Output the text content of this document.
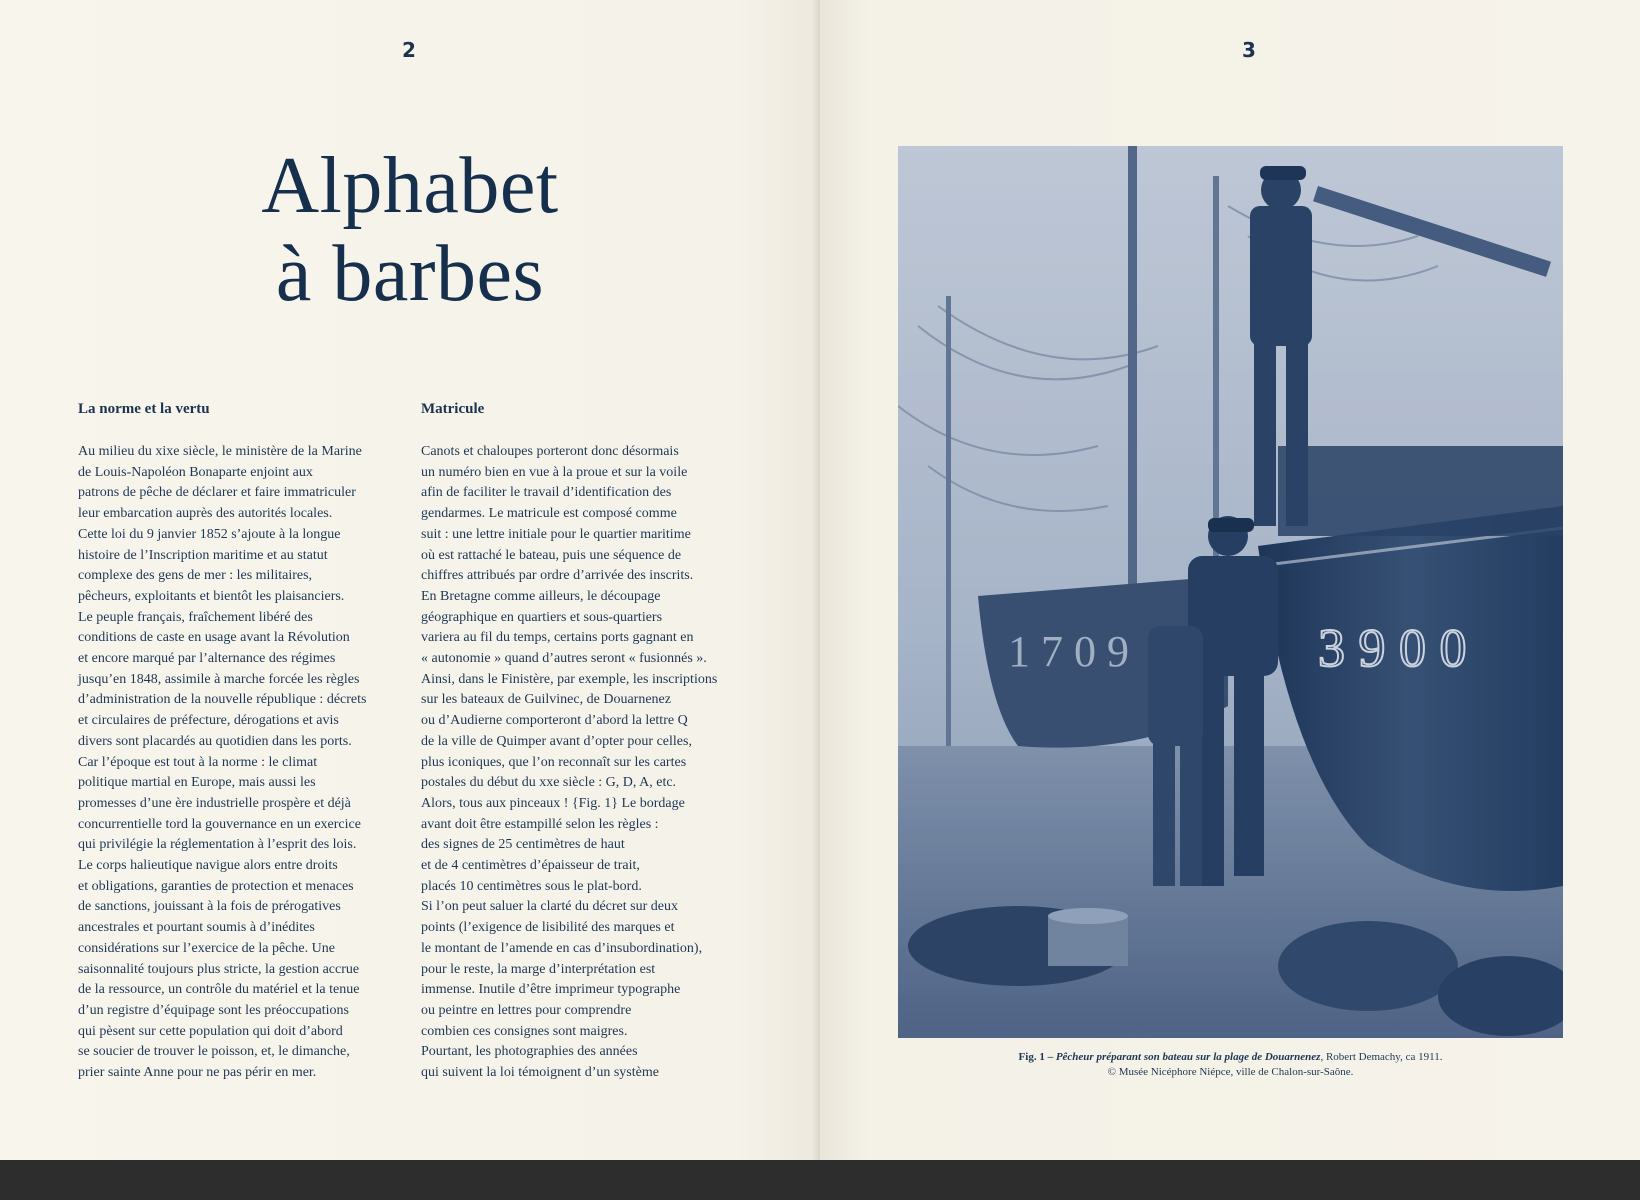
2
Alphabet
à barbes
La norme et la vertu
Au milieu du xixe siècle, le ministère de la Marine
de Louis-Napoléon Bonaparte enjoint aux
patrons de pêche de déclarer et faire immatriculer
leur embarcation auprès des autorités locales.
Cette loi du 9 janvier 1852 s’ajoute à la longue
histoire de l’Inscription maritime et au statut
complexe des gens de mer : les militaires,
pêcheurs, exploitants et bientôt les plaisanciers.
Le peuple français, fraîchement libéré des
conditions de caste en usage avant la Révolution
et encore marqué par l’alternance des régimes
jusqu’en 1848, assimile à marche forcée les règles
d’administration de la nouvelle république : décrets
et circulaires de préfecture, dérogations et avis
divers sont placardés au quotidien dans les ports.
Car l’époque est tout à la norme : le climat
politique martial en Europe, mais aussi les
promesses d’une ère industrielle prospère et déjà
concurrentielle tord la gouvernance en un exercice
qui privilégie la réglementation à l’esprit des lois.
Le corps halieutique navigue alors entre droits
et obligations, garanties de protection et menaces
de sanctions, jouissant à la fois de prérogatives
ancestrales et pourtant soumis à d’inédites
considérations sur l’exercice de la pêche. Une
saisonnalité toujours plus stricte, la gestion accrue
de la ressource, un contrôle du matériel et la tenue
d’un registre d’équipage sont les préoccupations
qui pèsent sur cette population qui doit d’abord
se soucier de trouver le poisson, et, le dimanche,
prier sainte Anne pour ne pas périr en mer.
Matricule
Canots et chaloupes porteront donc désormais
un numéro bien en vue à la proue et sur la voile
afin de faciliter le travail d’identification des
gendarmes. Le matricule est composé comme
suit : une lettre initiale pour le quartier maritime
où est rattaché le bateau, puis une séquence de
chiffres attribués par ordre d’arrivée des inscrits.
En Bretagne comme ailleurs, le découpage
géographique en quartiers et sous-quartiers
variera au fil du temps, certains ports gagnant en
« autonomie » quand d’autres seront « fusionnés ».
Ainsi, dans le Finistère, par exemple, les inscriptions
sur les bateaux de Guilvinec, de Douarnenez
ou d’Audierne comporteront d’abord la lettre Q
de la ville de Quimper avant d’opter pour celles,
plus iconiques, que l’on reconnaît sur les cartes
postales du début du xxe siècle : G, D, A, etc.
Alors, tous aux pinceaux ! {Fig. 1} Le bordage
avant doit être estampillé selon les règles :
des signes de 25 centimètres de haut
et de 4 centimètres d’épaisseur de trait,
placés 10 centimètres sous le plat-bord.
Si l’on peut saluer la clarté du décret sur deux
points (l’exigence de lisibilité des marques et
le montant de l’amende en cas d’insubordination),
pour le reste, la marge d’interprétation est
immense. Inutile d’être imprimeur typographe
ou peintre en lettres pour comprendre
combien ces consignes sont maigres.
Pourtant, les photographies des années
qui suivent la loi témoignent d’un système
3
1 7 0 9	3 9 0 0
Fig. 1 – Pêcheur préparant son bateau sur la plage de Douarnenez, Robert Demachy, ca 1911.
© Musée Nicéphore Niépce, ville de Chalon-sur-Saône.
